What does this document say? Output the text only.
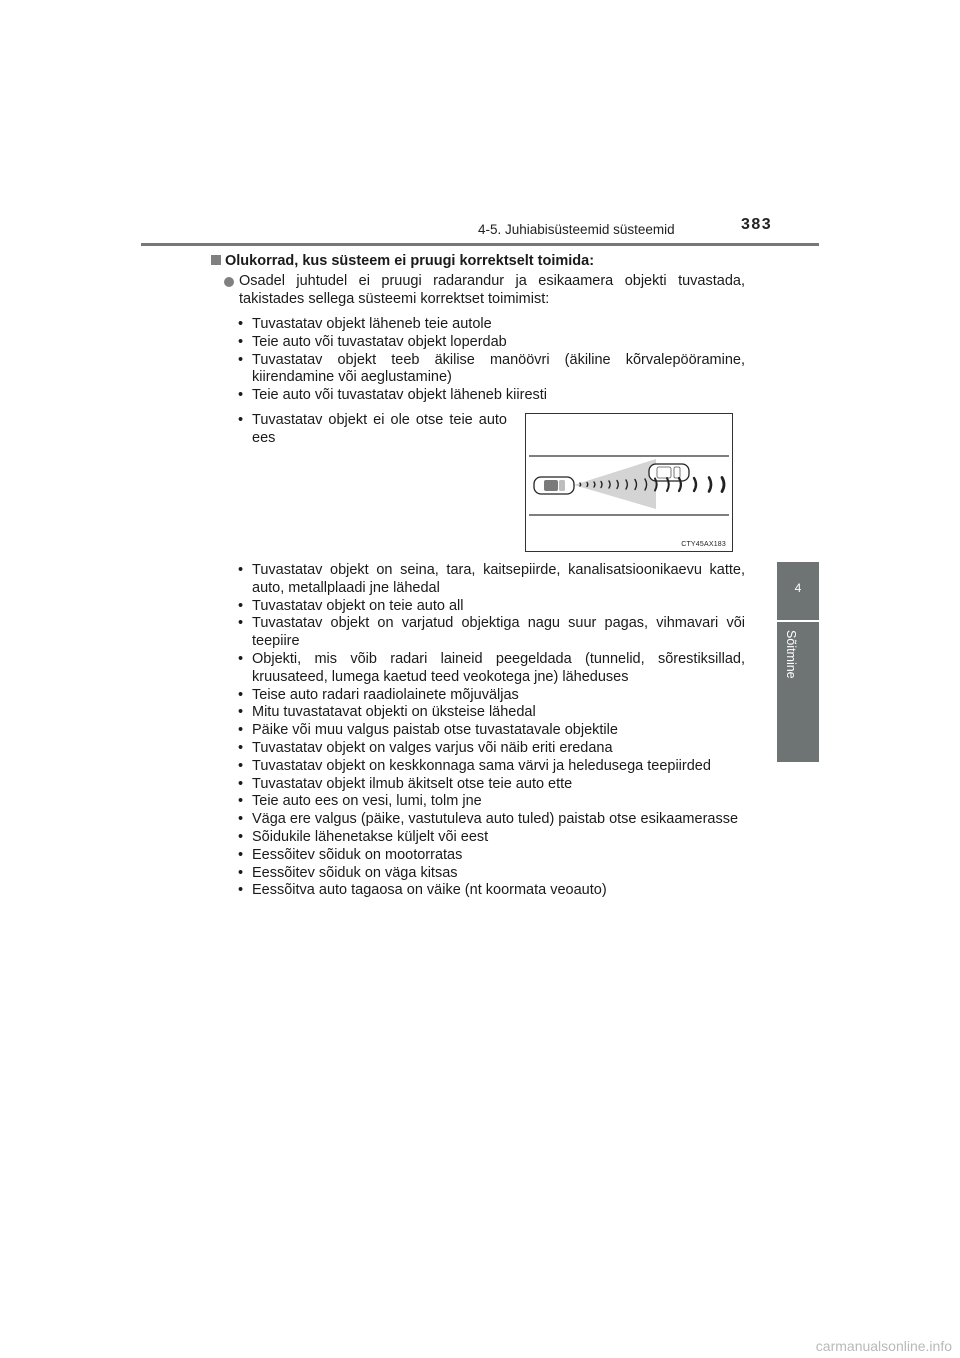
4-5. Juhiabisüsteemid süsteemid	383
4
Sõitmine
Olukorrad, kus süsteem ei pruugi korrektselt toimida:
Osadel juhtudel ei pruugi radarandur ja esikaamera objekti tuvastada, takistades sellega süsteemi korrektset toimimist:
• Tuvastatav objekt läheneb teie autole
• Teie auto või tuvastatav objekt loperdab
• Tuvastatav objekt teeb äkilise manöövri (äkiline kõrvalepööramine, kiirendamine või aeglustamine)
• Teie auto või tuvastatav objekt läheneb kiiresti
• Tuvastatav objekt ei ole otse teie auto ees
• Tuvastatav objekt on seina, tara, kaitsepiirde, kanalisatsioonikaevu katte, auto, metallplaadi jne lähedal
• Tuvastatav objekt on teie auto all
• Tuvastatav objekt on varjatud objektiga nagu suur pagas, vihmavari või teepiire
• Objekti, mis võib radari laineid peegeldada (tunnelid, sõrestiksillad, kruusateed, lumega kaetud teed veokotega jne) läheduses
• Teise auto radari raadiolainete mõjuväljas
• Mitu tuvastatavat objekti on üksteise lähedal
• Päike või muu valgus paistab otse tuvastatavale objektile
• Tuvastatav objekt on valges varjus või näib eriti eredana
• Tuvastatav objekt on keskkonnaga sama värvi ja heledusega teepiirded
• Tuvastatav objekt ilmub äkitselt otse teie auto ette
• Teie auto ees on vesi, lumi, tolm jne
• Väga ere valgus (päike, vastutuleva auto tuled) paistab otse esikaamerasse
• Sõidukile lähenetakse küljelt või eest
• Eessõitev sõiduk on mootorratas
• Eessõitev sõiduk on väga kitsas
• Eessõitva auto tagaosa on väike (nt koormata veoauto)
CTY45AX183
carmanualsonline.info
